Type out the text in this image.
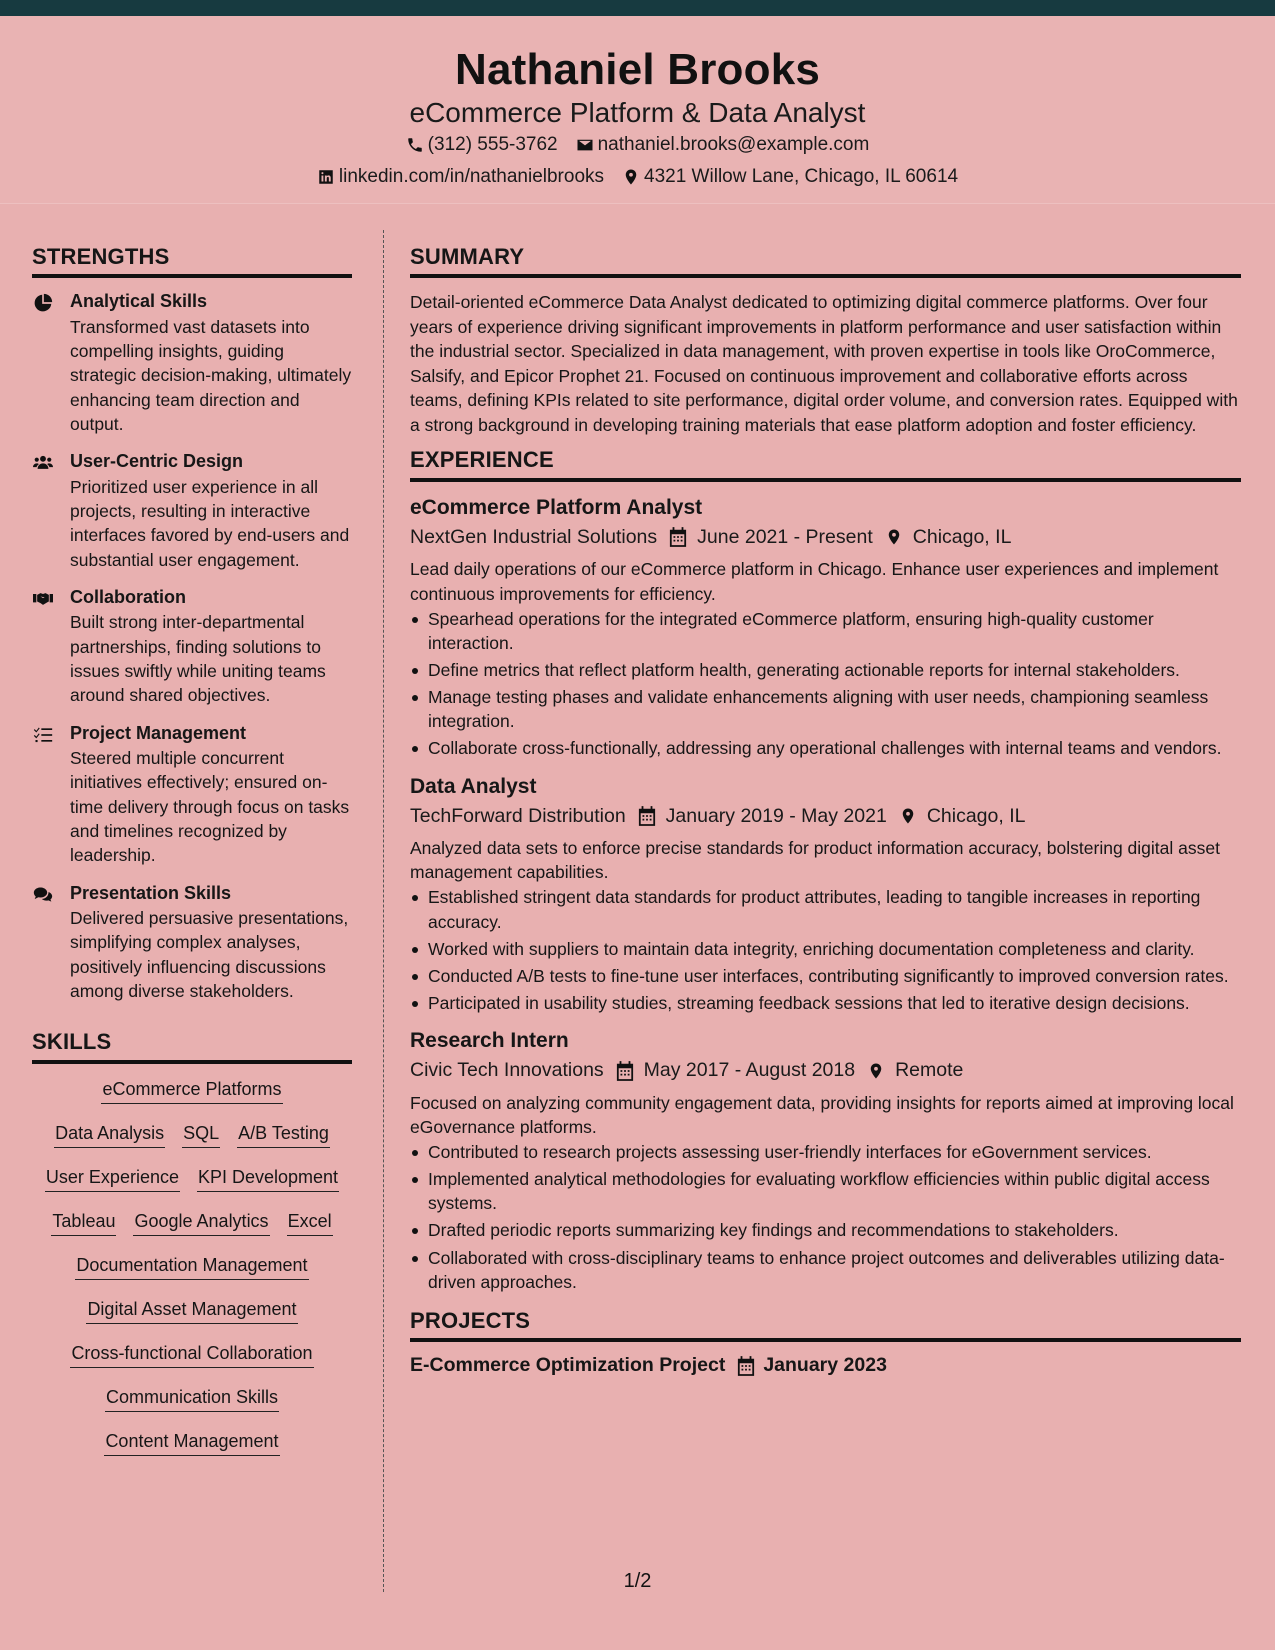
Nathaniel Brooks
eCommerce Platform & Data Analyst
(312) 555-3762 nathaniel.brooks@example.com
linkedin.com/in/nathanielbrooks 4321 Willow Lane, Chicago, IL 60614
STRENGTHS
Analytical Skills
Transformed vast datasets into compelling insights, guiding strategic decision-making, ultimately enhancing team direction and output.
User-Centric Design
Prioritized user experience in all projects, resulting in interactive interfaces favored by end-users and substantial user engagement.
Collaboration
Built strong inter-departmental partnerships, finding solutions to issues swiftly while uniting teams around shared objectives.
Project Management
Steered multiple concurrent initiatives effectively; ensured on-time delivery through focus on tasks and timelines recognized by leadership.
Presentation Skills
Delivered persuasive presentations, simplifying complex analyses, positively influencing discussions among diverse stakeholders.
SKILLS
eCommerce Platforms
Data Analysis SQL A/B Testing
User Experience KPI Development
Tableau Google Analytics Excel
Documentation Management
Digital Asset Management
Cross-functional Collaboration
Communication Skills
Content Management
SUMMARY
Detail-oriented eCommerce Data Analyst dedicated to optimizing digital commerce platforms. Over four years of experience driving significant improvements in platform performance and user satisfaction within the industrial sector. Specialized in data management, with proven expertise in tools like OroCommerce, Salsify, and Epicor Prophet 21. Focused on continuous improvement and collaborative efforts across teams, defining KPIs related to site performance, digital order volume, and conversion rates. Equipped with a strong background in developing training materials that ease platform adoption and foster efficiency.
EXPERIENCE
eCommerce Platform Analyst
NextGen Industrial Solutions June 2021 - Present Chicago, IL
Lead daily operations of our eCommerce platform in Chicago. Enhance user experiences and implement continuous improvements for efficiency.
Spearhead operations for the integrated eCommerce platform, ensuring high-quality customer interaction.
Define metrics that reflect platform health, generating actionable reports for internal stakeholders.
Manage testing phases and validate enhancements aligning with user needs, championing seamless integration.
Collaborate cross-functionally, addressing any operational challenges with internal teams and vendors.
Data Analyst
TechForward Distribution January 2019 - May 2021 Chicago, IL
Analyzed data sets to enforce precise standards for product information accuracy, bolstering digital asset management capabilities.
Established stringent data standards for product attributes, leading to tangible increases in reporting accuracy.
Worked with suppliers to maintain data integrity, enriching documentation completeness and clarity.
Conducted A/B tests to fine-tune user interfaces, contributing significantly to improved conversion rates.
Participated in usability studies, streaming feedback sessions that led to iterative design decisions.
Research Intern
Civic Tech Innovations May 2017 - August 2018 Remote
Focused on analyzing community engagement data, providing insights for reports aimed at improving local eGovernance platforms.
Contributed to research projects assessing user-friendly interfaces for eGovernment services.
Implemented analytical methodologies for evaluating workflow efficiencies within public digital access systems.
Drafted periodic reports summarizing key findings and recommendations to stakeholders.
Collaborated with cross-disciplinary teams to enhance project outcomes and deliverables utilizing data-driven approaches.
PROJECTS
E-Commerce Optimization Project January 2023
1/2
